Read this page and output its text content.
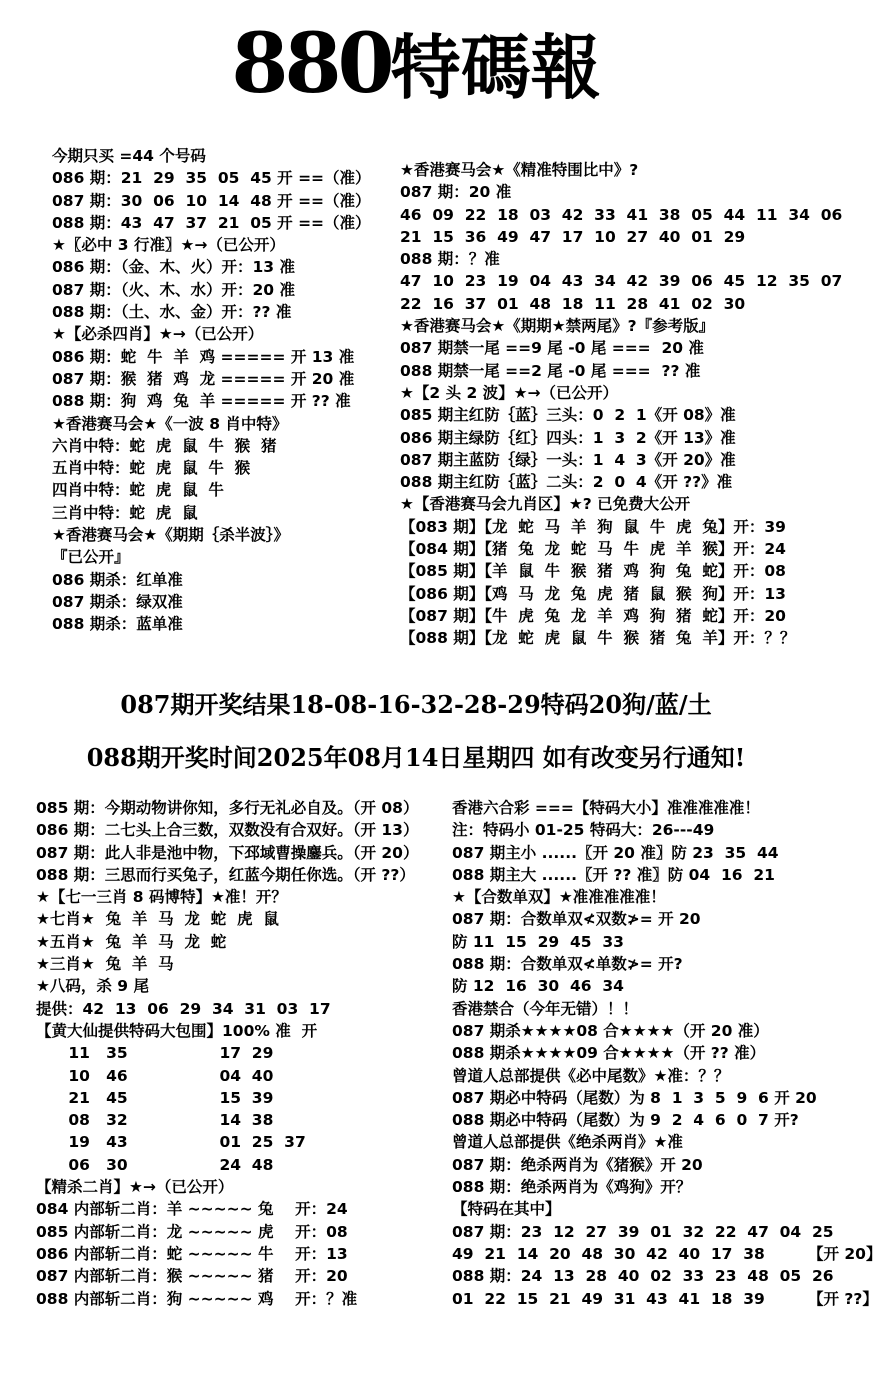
880特碼報
今期只买 =44 个号码
086 期：21  29  35  05  45 开 ==（准）
087 期：30  06  10  14  48 开 ==（准）
088 期：43  47  37  21  05 开 ==（准）
★〖必中 3 行准〗★→（已公开）
086 期：（金、木、火）开：13 准
087 期：（火、木、水）开：20 准
088 期：（土、水、金）开：?? 准
★【必杀四肖】★→（已公开）
086 期：蛇  牛  羊  鸡 ===== 开 13 准
087 期：猴  猪  鸡  龙 ===== 开 20 准
088 期：狗  鸡  兔  羊 ===== 开 ?? 准
★香港赛马会★《一波 8 肖中特》
六肖中特：蛇  虎  鼠  牛  猴  猪
五肖中特：蛇  虎  鼠  牛  猴
四肖中特：蛇  虎  鼠  牛
三肖中特：蛇  虎  鼠
★香港赛马会★《期期｛杀半波｝》
『已公开』
086 期杀：红单准
087 期杀：绿双准
088 期杀：蓝单准
★香港赛马会★《精准特围比中》?
087 期：20 准
46  09  22  18  03  42  33  41  38  05  44  11  34  06
21  15  36  49  47  17  10  27  40  01  29
088 期：？准
47  10  23  19  04  43  34  42  39  06  45  12  35  07
22  16  37  01  48  18  11  28  41  02  30
★香港赛马会★《期期★禁两尾》?『参考版』
087 期禁一尾 ==9 尾 -0 尾 ===  20 准
088 期禁一尾 ==2 尾 -0 尾 ===  ?? 准
★【2 头 2 波】★→（已公开）
085 期主红防｛蓝｝三头：0  2  1《开 08》准
086 期主绿防｛红｝四头：1  3  2《开 13》准
087 期主蓝防｛绿｝一头：1  4  3《开 20》准
088 期主红防｛蓝｝二头：2  0  4《开 ??》准
★【香港赛马会九肖区】★? 已免费大公开
【083 期】【龙  蛇  马  羊  狗  鼠  牛  虎  兔】开：39
【084 期】【猪  兔  龙  蛇  马  牛  虎  羊  猴】开：24
【085 期】【羊  鼠  牛  猴  猪  鸡  狗  兔  蛇】开：08
【086 期】【鸡  马  龙  兔  虎  猪  鼠  猴  狗】开：13
【087 期】【牛  虎  兔  龙  羊  鸡  狗  猪  蛇】开：20
【088 期】【龙  蛇  虎  鼠  牛  猴  猪  兔  羊】开：？？
087期开奖结果18-08-16-32-28-29特码20狗/蓝/土
088期开奖时间2025年08月14日星期四 如有改变另行通知!
085 期：今期动物讲你知，多行无礼必自及。（开 08）
086 期：二七头上合三数，双数没有合双好。（开 13）
087 期：此人非是池中物，下邳域曹操鏖兵。（开 20）
088 期：三思而行买兔子，红蓝今期任你选。（开 ??）
★【七一三肖 8 码博特】★准！开？
★七肖★  兔  羊  马  龙  蛇  虎  鼠
★五肖★  兔  羊  马  龙  蛇
★三肖★  兔  羊  马
★八码，杀 9 尾
提供：42  13  06  29  34  31  03  17
【黄大仙提供特码大包围】100% 准  开
11   35                 17  29
10   46                 04  40
21   45                 15  39
08   32                 14  38
19   43                 01  25  37
06   30                 24  48
【精杀二肖】★→（已公开）
084 内部斩二肖：羊 ~~~~~ 兔    开：24
085 内部斩二肖：龙 ~~~~~ 虎    开：08
086 内部斩二肖：蛇 ~~~~~ 牛    开：13
087 内部斩二肖：猴 ~~~~~ 猪    开：20
088 内部斩二肖：狗 ~~~~~ 鸡    开：？准
香港六合彩 ===【特码大小】准准准准准！
注：特码小 01-25 特码大：26---49
087 期主小 ......〖开 20 准〗防 23  35  44
088 期主大 ......〖开 ?? 准〗防 04  16  21
★【合数单双】★准准准准准！
087 期：合数单双≮双数≯= 开 20
防 11  15  29  45  33
088 期：合数单双≮单数≯= 开?
防 12  16  30  46  34
香港禁合（今年无错）！！
087 期杀★★★★08 合★★★★（开 20 准）
088 期杀★★★★09 合★★★★（开 ?? 准）
曾道人总部提供《必中尾数》★准：？？
087 期必中特码（尾数）为 8  1  3  5  9  6 开 20
088 期必中特码（尾数）为 9  2  4  6  0  7 开?
曾道人总部提供《绝杀两肖》★准
087 期：绝杀两肖为《猪猴》开 20
088 期：绝杀两肖为《鸡狗》开？
【特码在其中】
087 期：23  12  27  39  01  32  22  47  04  25
49  21  14  20  48  30  42  40  17  38        【开 20】
088 期：24  13  28  40  02  33  23  48  05  26
01  22  15  21  49  31  43  41  18  39        【开 ??】
